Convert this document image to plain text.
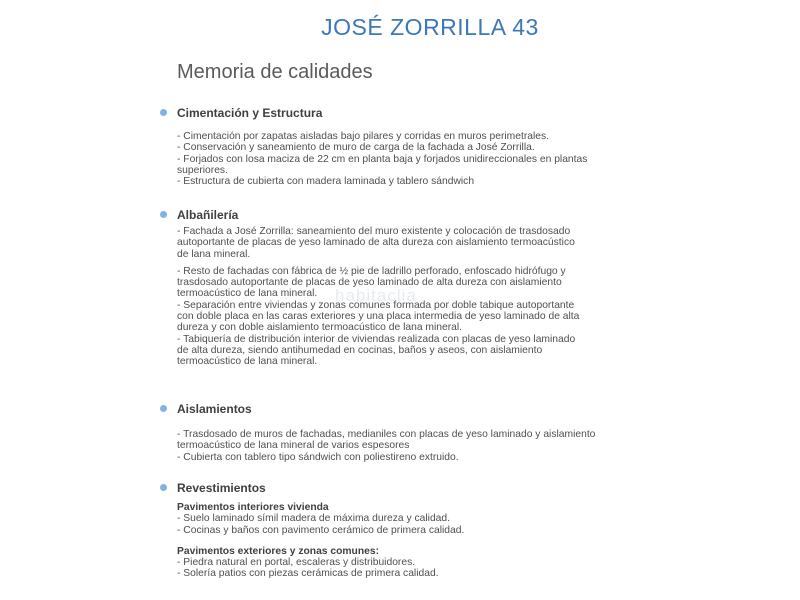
JOSÉ ZORRILLA 43
Memoria de calidades
Cimentación y Estructura
- Cimentación por zapatas aisladas bajo pilares y corridas en muros perimetrales.
- Conservación y saneamiento de muro de carga de la fachada a José Zorrilla.
- Forjados con losa maciza de 22 cm en planta baja y forjados unidireccionales en plantas
superiores.
- Estructura de cubierta con madera laminada y tablero sándwich
Albañilería
- Fachada a José Zorrilla: saneamiento del muro existente y colocación de trasdosado
autoportante de placas de yeso laminado de alta dureza con aislamiento termoacústico
de lana mineral.
- Resto de fachadas con fábrica de ½ pie de ladrillo perforado, enfoscado hidrófugo y
trasdosado autoportante de placas de yeso laminado de alta dureza con aislamiento
termoacústico de lana mineral.
- Separación entre viviendas y zonas comunes formada por doble tabique autoportante
con doble placa en las caras exteriores y una placa intermedia de yeso laminado de alta
dureza y con doble aislamiento termoacústico de lana mineral.
- Tabiquería de distribución interior de viviendas realizada con placas de yeso laminado
de alta dureza, siendo antihumedad en cocinas, baños y aseos, con aislamiento
termoacústico de lana mineral.
Aislamientos
- Trasdosado de muros de fachadas, medianiles con placas de yeso laminado y aislamiento
termoacústico de lana mineral de varios espesores
- Cubierta con tablero tipo sándwich con poliestireno extruido.
Revestimientos
Pavimentos interiores vivienda
- Suelo laminado símil madera de máxima dureza y calidad.
- Cocinas y baños con pavimento cerámico de primera calidad.
Pavimentos exteriores y zonas comunes:
- Piedra natural en portal, escaleras y distribuidores.
- Solería patios con piezas cerámicas de primera calidad.
habitaclia
